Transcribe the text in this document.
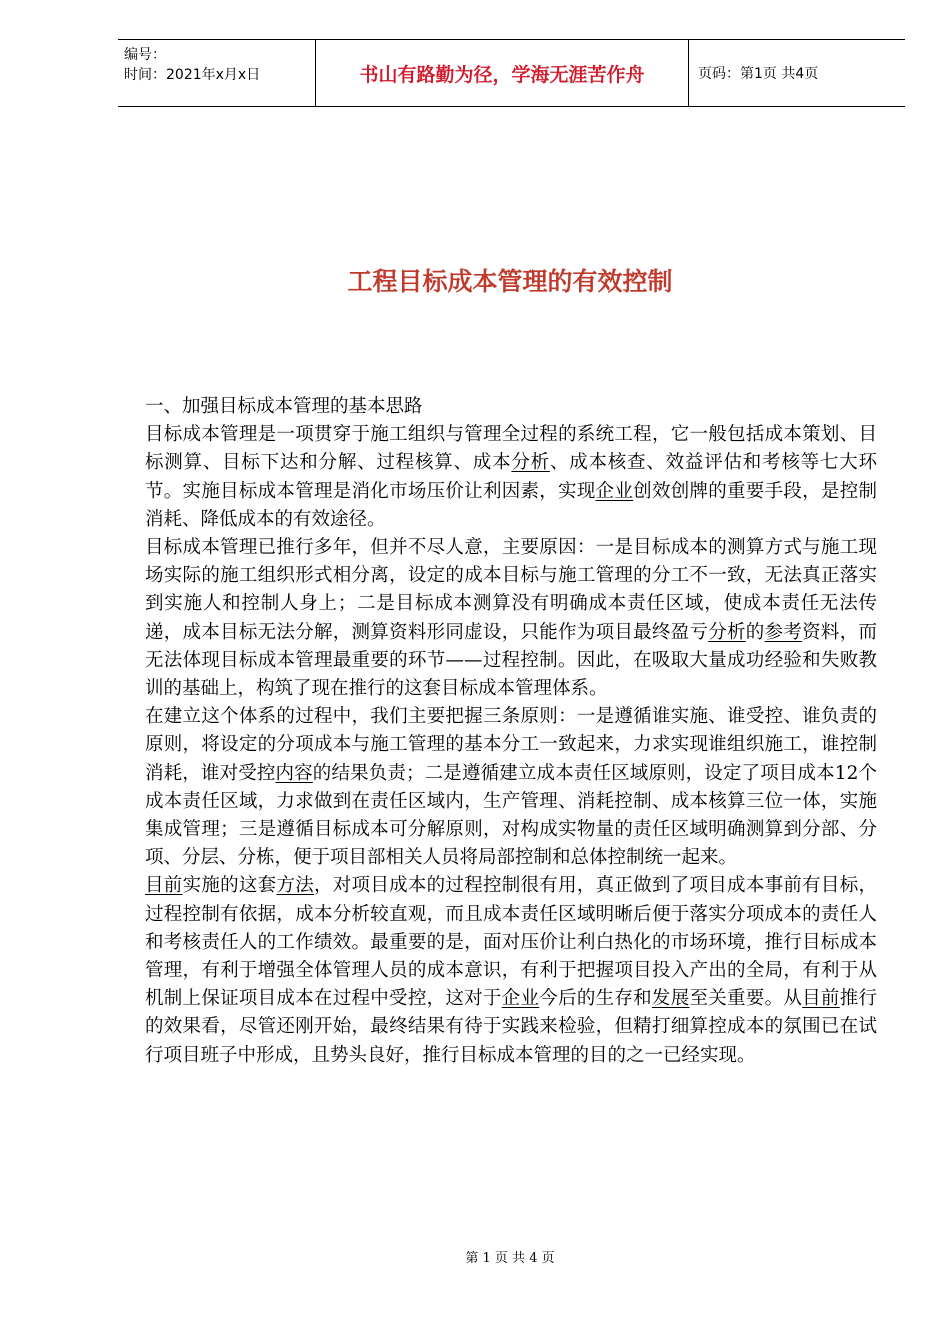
编号：
时间：2021年x月x日	书山有路勤为径，学海无涯苦作舟	页码：第1页 共4页
工程目标成本管理的有效控制

一、加强目标成本管理的基本思路

目标成本管理是一项贯穿于施工组织与管理全过程的系统工程，它一般包括成本策划、目标测算、目标下达和分解、过程核算、成本分析、成本核查、效益评估和考核等七大环节。实施目标成本管理是消化市场压价让利因素，实现企业创效创牌的重要手段，是控制消耗、降低成本的有效途径。

目标成本管理已推行多年，但并不尽人意，主要原因：一是目标成本的测算方式与施工现场实际的施工组织形式相分离，设定的成本目标与施工管理的分工不一致，无法真正落实到实施人和控制人身上；二是目标成本测算没有明确成本责任区域，使成本责任无法传递，成本目标无法分解，测算资料形同虚设，只能作为项目最终盈亏分析的参考资料，而无法体现目标成本管理最重要的环节——过程控制。因此，在吸取大量成功经验和失败教训的基础上，构筑了现在推行的这套目标成本管理体系。

在建立这个体系的过程中，我们主要把握三条原则：一是遵循谁实施、谁受控、谁负责的原则，将设定的分项成本与施工管理的基本分工一致起来，力求实现谁组织施工，谁控制消耗，谁对受控内容的结果负责；二是遵循建立成本责任区域原则，设定了项目成本12个成本责任区域，力求做到在责任区域内，生产管理、消耗控制、成本核算三位一体，实施集成管理；三是遵循目标成本可分解原则，对构成实物量的责任区域明确测算到分部、分项、分层、分栋，便于项目部相关人员将局部控制和总体控制统一起来。

目前实施的这套方法，对项目成本的过程控制很有用，真正做到了项目成本事前有目标，过程控制有依据，成本分析较直观，而且成本责任区域明晰后便于落实分项成本的责任人和考核责任人的工作绩效。最重要的是，面对压价让利白热化的市场环境，推行目标成本管理，有利于增强全体管理人员的成本意识，有利于把握项目投入产出的全局，有利于从机制上保证项目成本在过程中受控，这对于企业今后的生存和发展至关重要。从目前推行的效果看，尽管还刚开始，最终结果有待于实践来检验，但精打细算控成本的氛围已在试行项目班子中形成，且势头良好，推行目标成本管理的目的之一已经实现。

第 1 页 共 4 页
